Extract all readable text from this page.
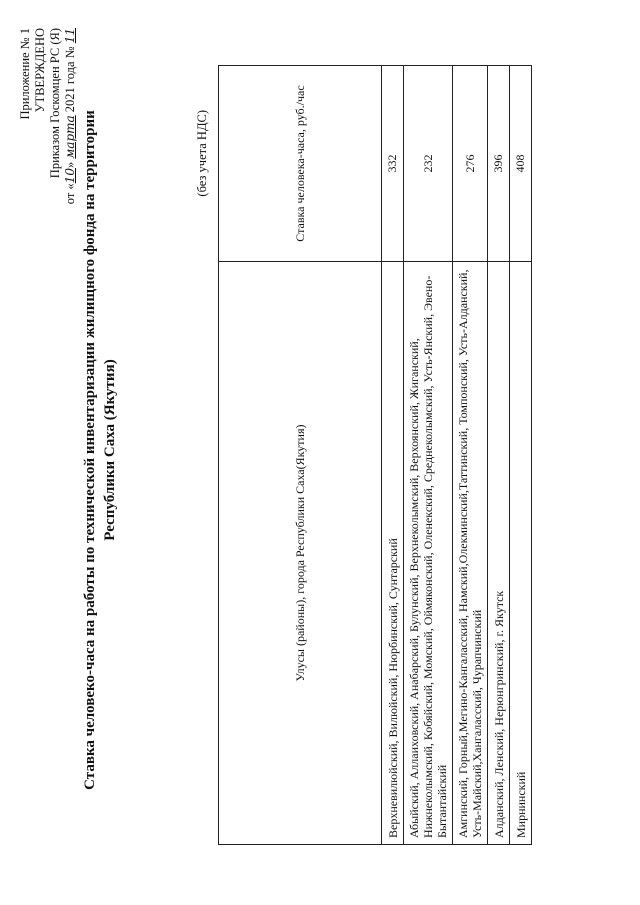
Приложение № 1 УТВЕРЖДЕНО Приказом Госкомцен РС (Я)
от «10» марта 2021 года № 11
Ставка человеко-часа на работы по технической инвентаризации жилищного фонда на территории Республики Саха (Якутия)
(без учета НДС)
Улусы (районы), города Республики Саха(Якутия)	Ставка человека-часа, руб./час
Верхневилюйский, Вилюйский, Нюрбинский, Сунтарский	332
Абыйский, Аллаиховский, Анабарский, Булунский, Верхнеколымский, Верхоянский, Жиганский, Нижнеколымский, Кобяйский, Момский, Оймяконский, Оленекский, Среднеколымский, Усть-Янский, Эвено-Бытантайский	232
Амгинский, Горный,Мегино-Кангаласский, Намский,Олекминский,Таттинский, Томпонский, Усть-Алданский, Усть-Майский,Хангаласский, Чурапчинский	276
Алданский, Ленский, Нерюнгринский, г. Якутск	396
Мирнинский	408
